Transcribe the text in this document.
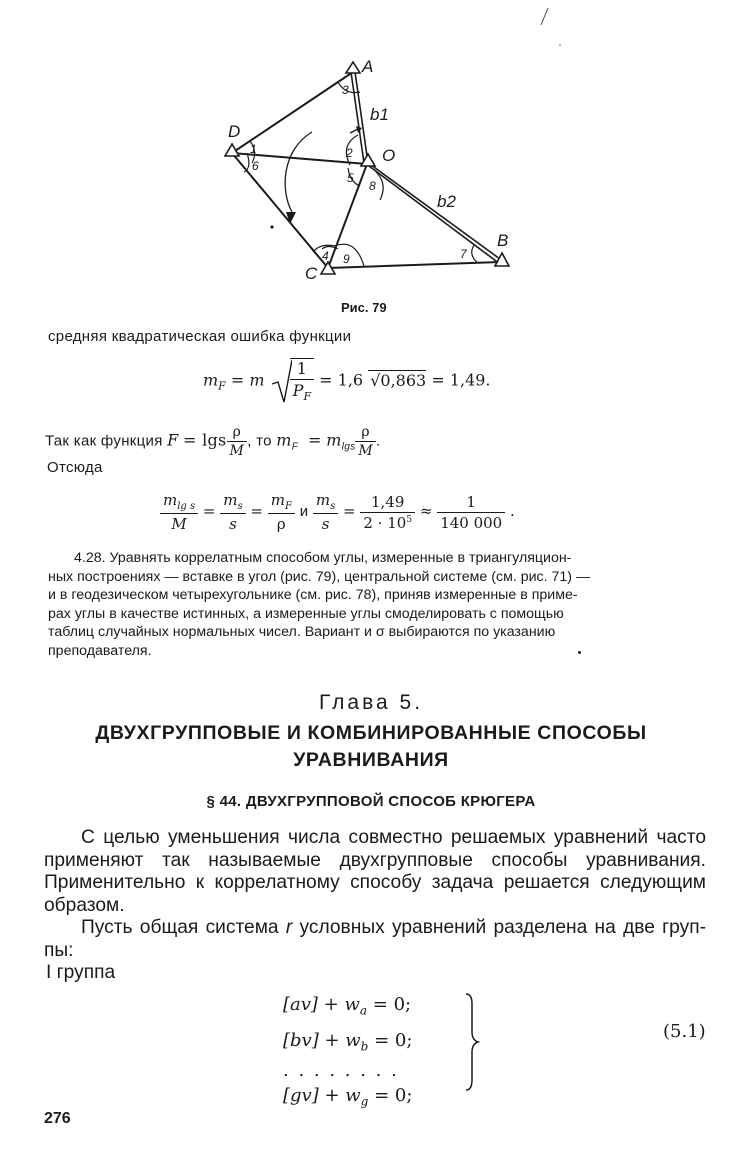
A
D
O
B
C
b1
b2
1	2
3
4
5
6
7
8
9
Рис. 79
средняя квадратическая ошибка функции
$m_F = m \frac{1}{P_F} = 1,6$ √0,863 = 1,49.
Так как функция F = lgs $\frac{\rho}{M}$ , то $m_F = m_{lgs} \frac{\rho}{M}$ .
Отсюда
$\frac{m_{lg s}}{M} = \frac{m_s}{s} = \frac{m_F}{\rho}$ и $\frac{m_s}{s} = \frac{1,49}{2 \cdot 10^5} \approx \frac{1}{140 000}$ .
4.28. Уравнять коррелатным способом углы, измеренные в триангуляцион-
ных построениях — вставке в угол (рис. 79), центральной системе (см. рис. 71) —
и в геодезическом четырехугольнике (см. рис. 78), приняв измеренные в приме-
рах углы в качестве истинных, а измеренные углы смоделировать с помощью
таблиц случайных нормальных чисел. Вариант и σ выбираются по указанию
преподавателя.
Глава 5.
ДВУХГРУППОВЫЕ И КОМБИНИРОВАННЫЕ СПОСОБЫ
УРАВНИВАНИЯ
§ 44. ДВУХГРУППОВОЙ СПОСОБ КРЮГЕРА
С целью уменьшения числа совместно решаемых уравнений часто
применяют так называемые двухгрупповые способы уравнивания.
Применительно к коррелатному способу задача решается следующим
образом.
Пусть общая система r условных уравнений разделена на две груп-
пы:
I группа
$[av] + w_a = 0$;
$[bv] + w_b = 0$;
. . . . . . . .
$[gv] + w_g = 0$;
(5.1)
276
